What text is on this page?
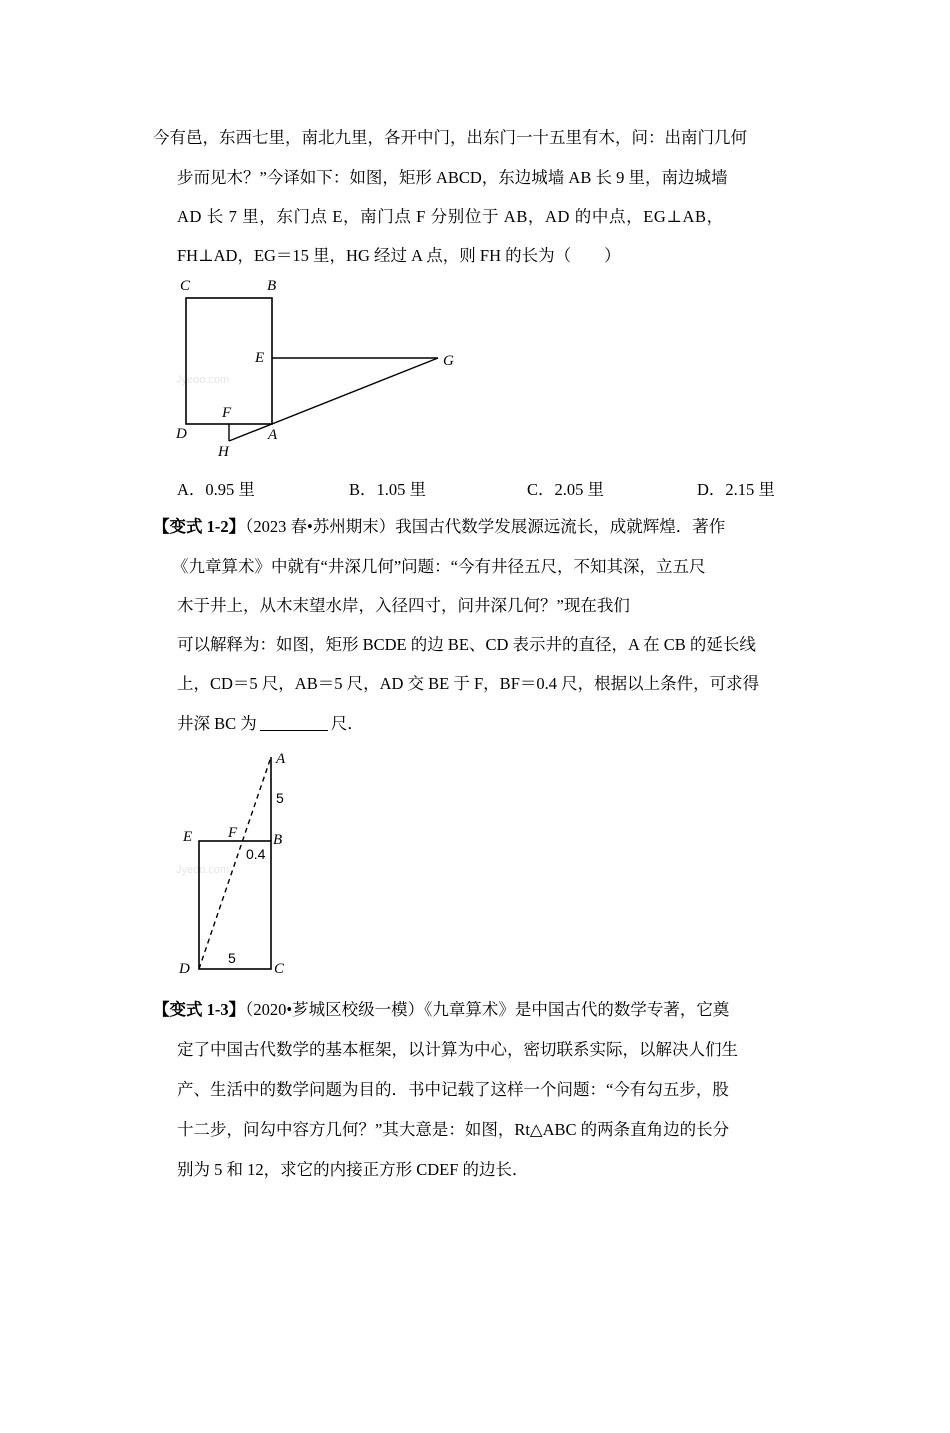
今有邑，东西七里，南北九里，各开中门，出东门一十五里有木，问：出南门几何
步而见木？”今译如下：如图，矩形 ABCD，东边城墙 AB 长 9 里，南边城墙
AD 长 7 里，东门点 E，南门点 F 分别位于 AB，AD 的中点，EG⊥AB，
FH⊥AD，EG＝15 里，HG 经过 A 点，则 FH 的长为（　　）
Jyeoo.com
C	B
E	G
F
D	A
H
A．0.95 里	B．1.05 里	C．2.05 里	D．2.15 里
【变式 1-2】（2023 春•苏州期末）我国古代数学发展源远流长，成就辉煌．著作
《九章算术》中就有“井深几何”问题：“今有井径五尺，不知其深，立五尺
木于井上，从木末望水岸，入径四寸，问井深几何？”现在我们
可以解释为：如图，矩形 BCDE 的边 BE、CD 表示井的直径，A 在 CB 的延长线
上，CD＝5 尺，AB＝5 尺，AD 交 BE 于 F，BF＝0.4 尺，根据以上条件，可求得
井深 BC 为	尺．
Jyeoo.com
A
5
E F B
0.4
D
5
C
【变式 1-3】（2020•芗城区校级一模）《九章算术》是中国古代的数学专著，它奠
定了中国古代数学的基本框架，以计算为中心，密切联系实际，以解决人们生
产、生活中的数学问题为目的．书中记载了这样一个问题：“今有勾五步，股
十二步，问勾中容方几何？”其大意是：如图，Rt△ABC 的两条直角边的长分
别为 5 和 12，求它的内接正方形 CDEF 的边长．
